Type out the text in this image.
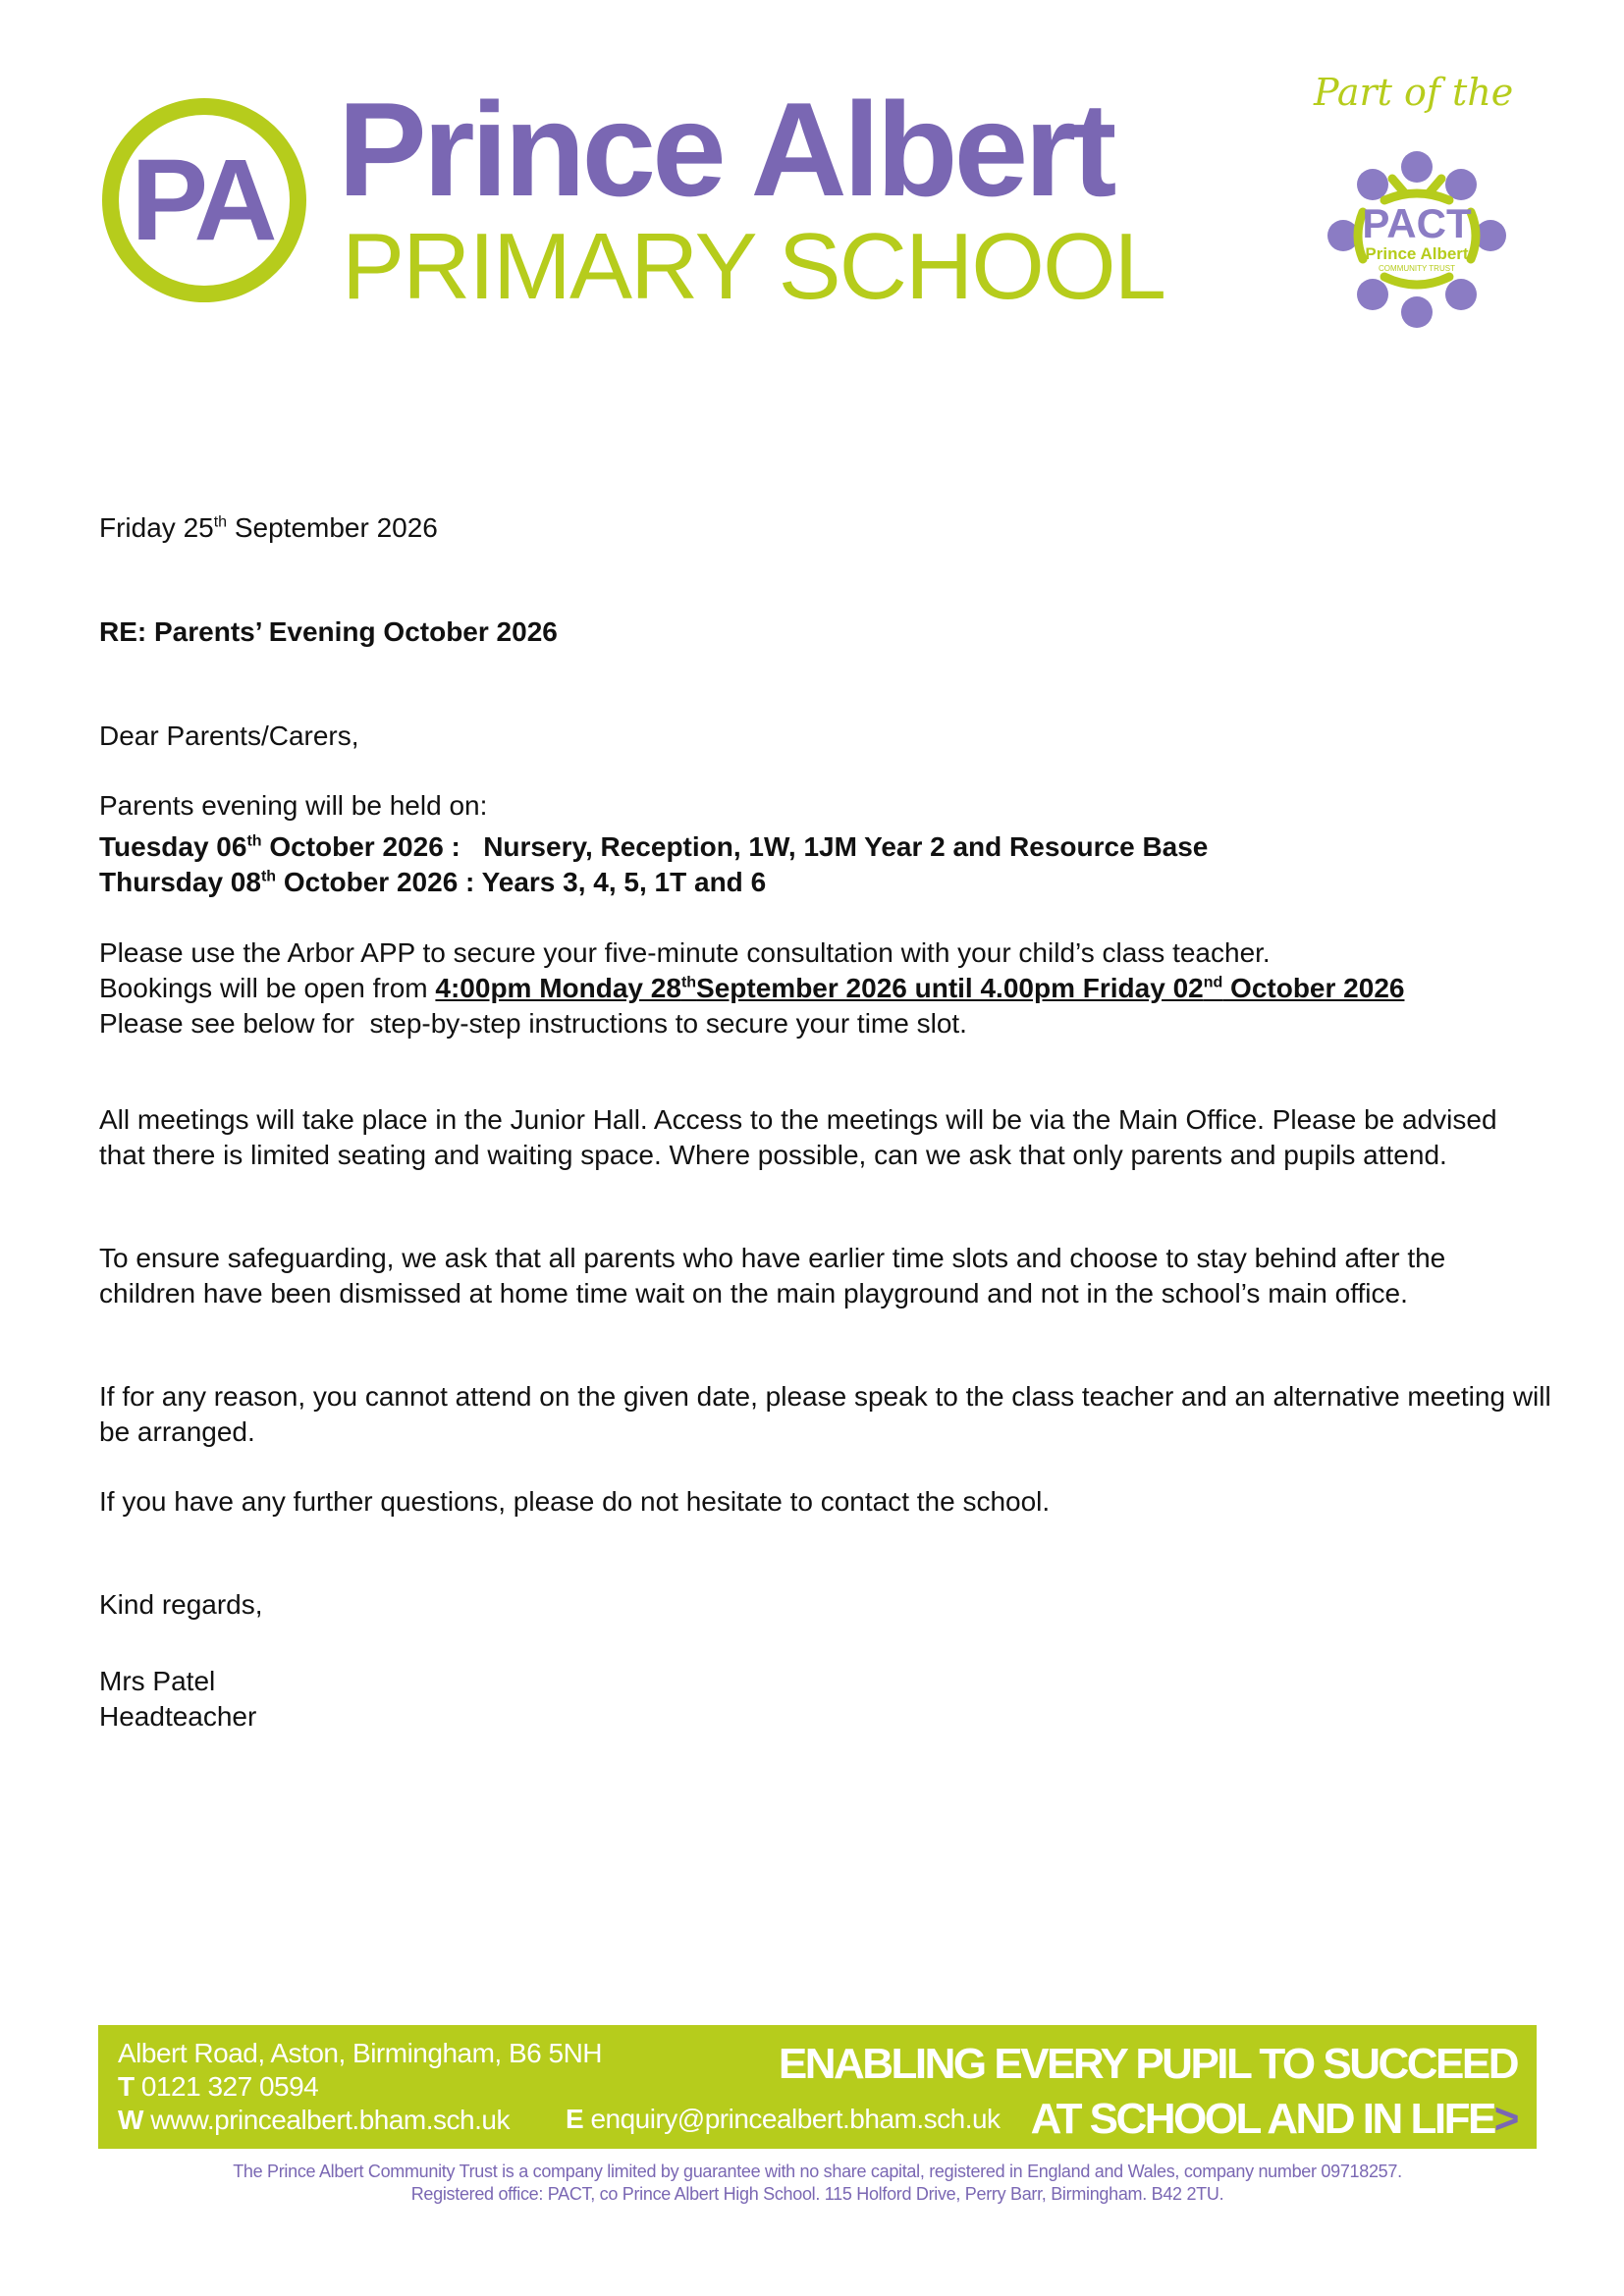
PA Prince Albert
PRIMARY SCHOOL
Part of the
PACT
Prince Albert
COMMUNITY TRUST

Friday 25th September 2026

RE: Parents’ Evening October 2026

Dear Parents/Carers,

Parents evening will be held on:

Tuesday 06th October 2026 :   Nursery, Reception, 1W, 1JM Year 2 and Resource Base

Thursday 08th October 2026 : Years 3, 4, 5, 1T and 6

Please use the Arbor APP to secure your five-minute consultation with your child’s class teacher.

Bookings will be open from 4:00pm Monday 28thSeptember 2026 until 4.00pm Friday 02nd October 2026

Please see below for  step-by-step instructions to secure your time slot.

All meetings will take place in the Junior Hall. Access to the meetings will be via the Main Office. Please be advised that there is limited seating and waiting space. Where possible, can we ask that only parents and pupils attend.

To ensure safeguarding, we ask that all parents who have earlier time slots and choose to stay behind after the children have been dismissed at home time wait on the main playground and not in the school’s main office.

If for any reason, you cannot attend on the given date, please speak to the class teacher and an alternative meeting will be arranged.

If you have any further questions, please do not hesitate to contact the school.

Kind regards,

Mrs Patel

Headteacher

Albert Road, Aston, Birmingham, B6 5NH
T 0121 327 0594
W www.princealbert.bham.sch.uk	E enquiry@princealbert.bham.sch.uk
ENABLING EVERY PUPIL TO SUCCEED
AT SCHOOL AND IN LIFE>
The Prince Albert Community Trust is a company limited by guarantee with no share capital, registered in England and Wales, company number 09718257.
Registered office: PACT, co Prince Albert High School. 115 Holford Drive, Perry Barr, Birmingham. B42 2TU.
